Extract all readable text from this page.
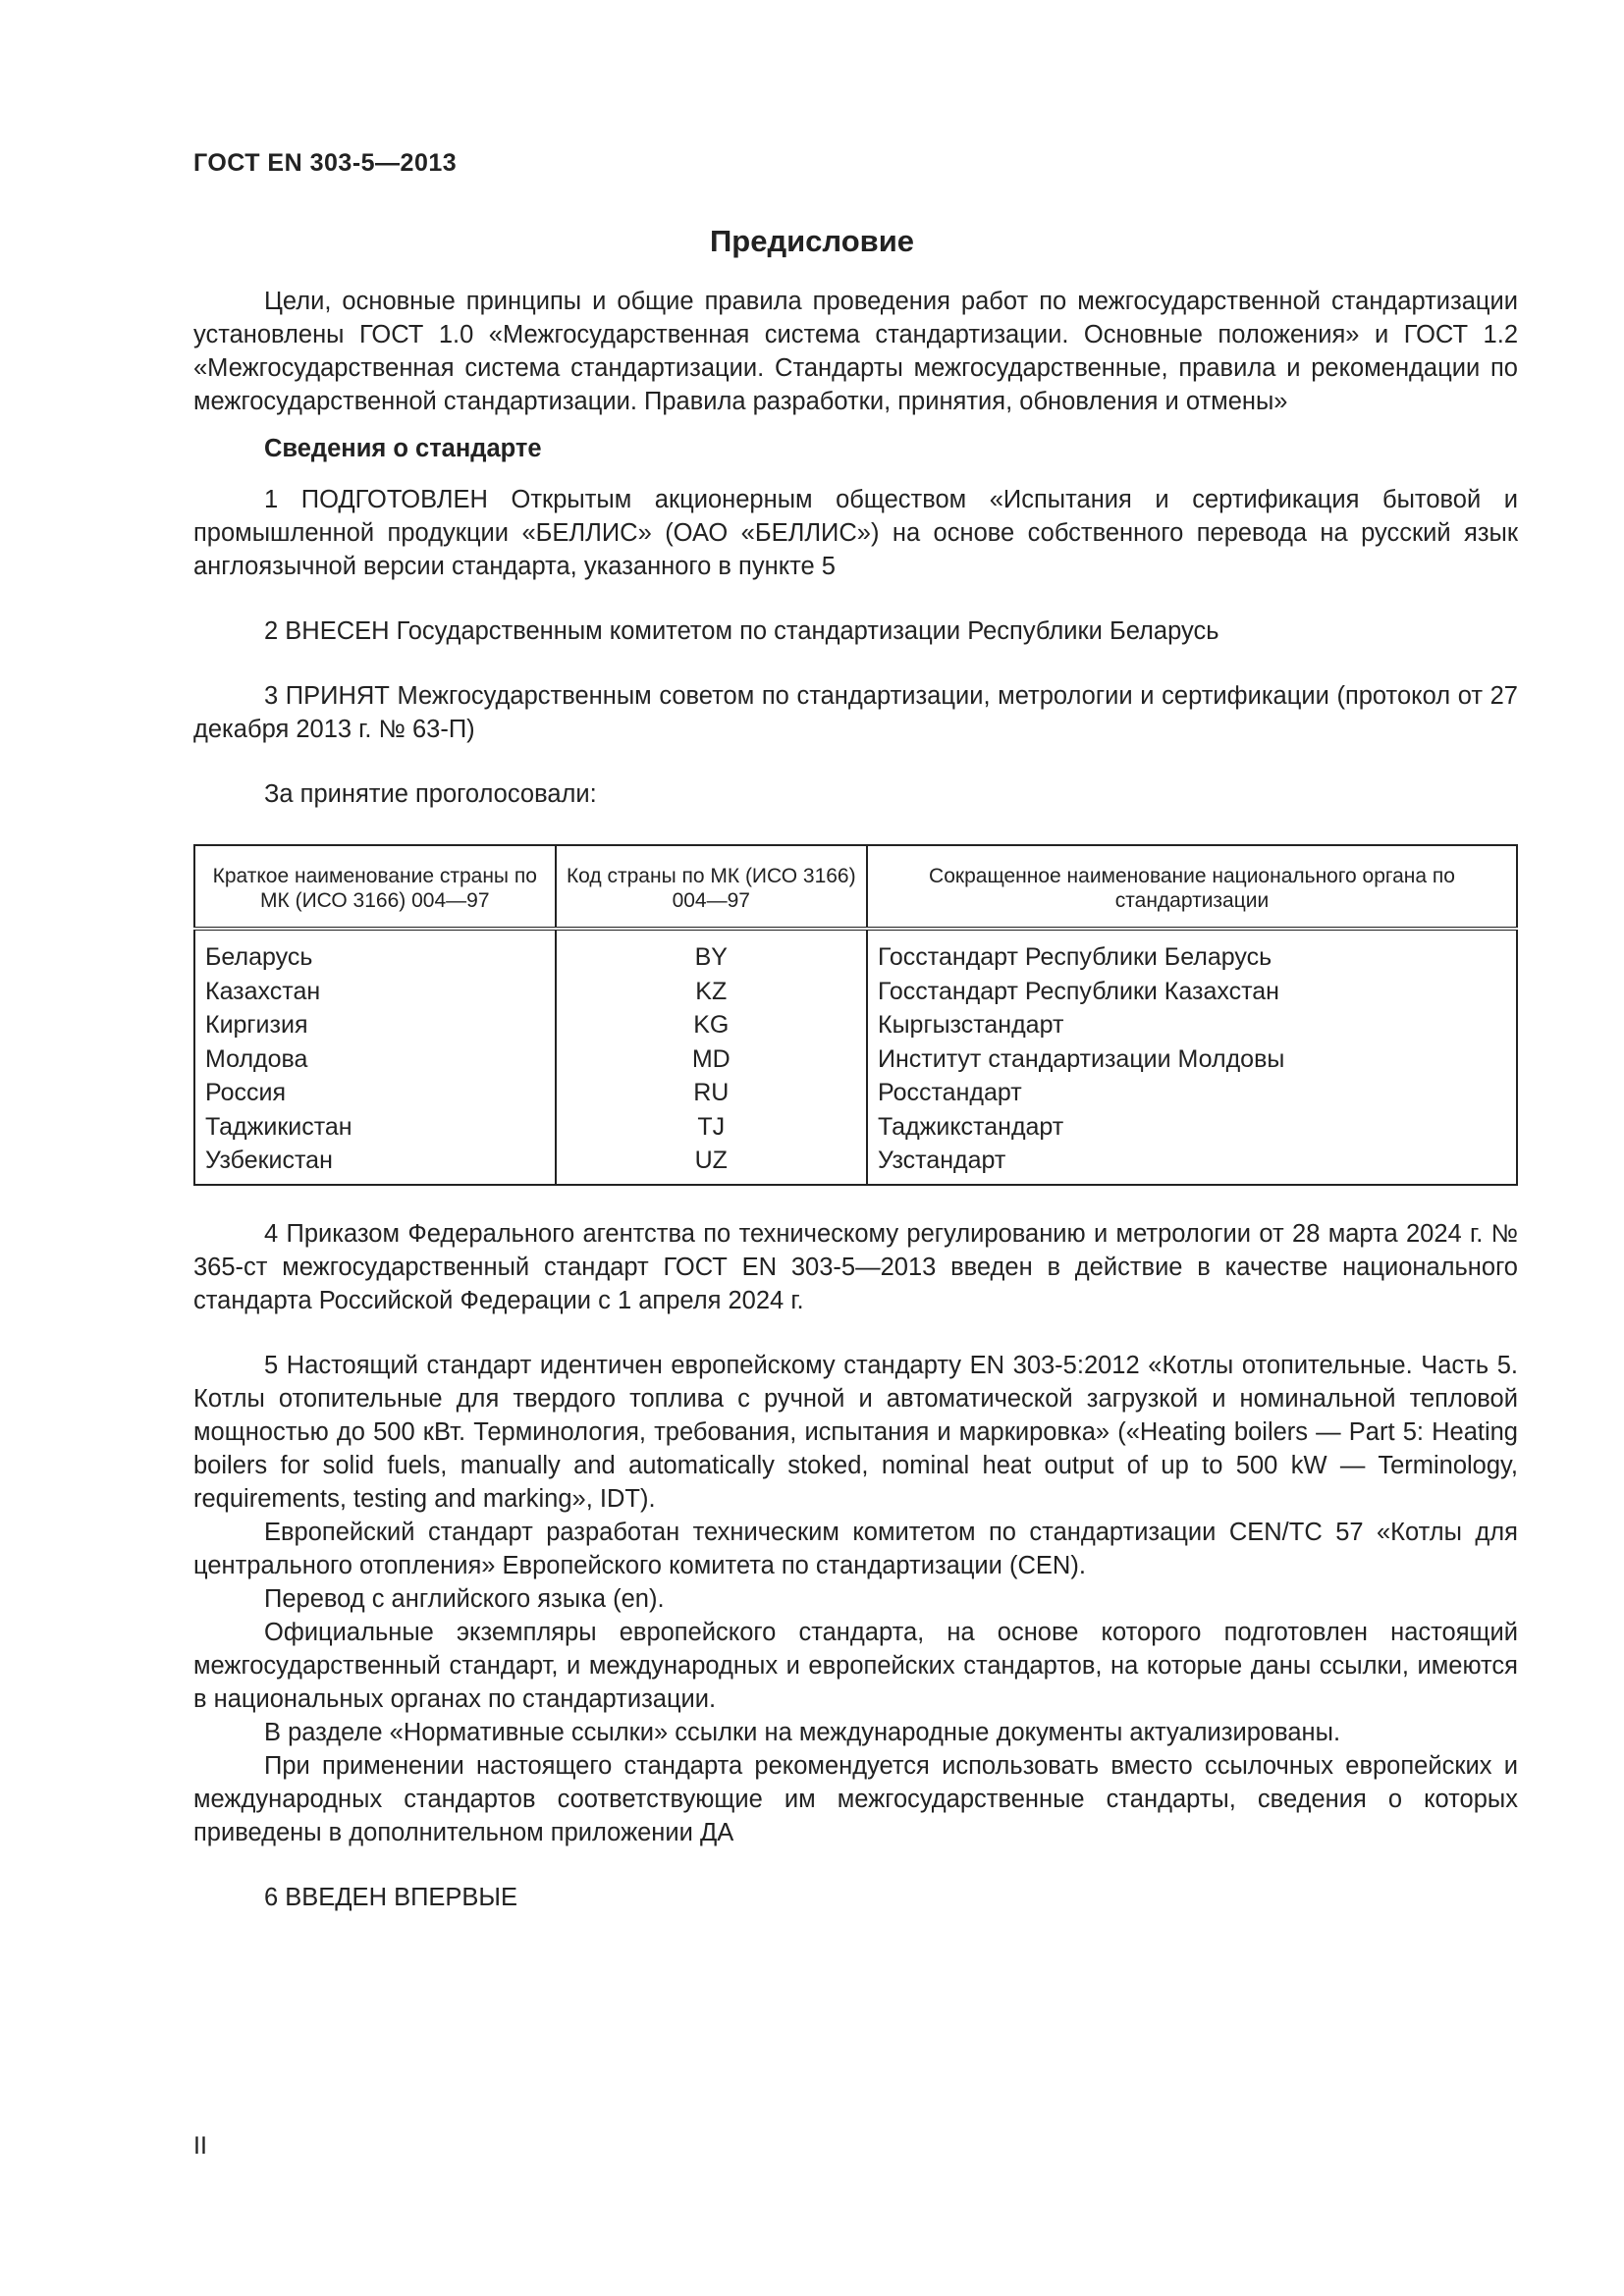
ГОСТ EN 303-5—2013
Предисловие

Цели, основные принципы и общие правила проведения работ по межгосударственной стандартизации установлены ГОСТ 1.0 «Межгосударственная система стандартизации. Основные положения» и ГОСТ 1.2 «Межгосударственная система стандартизации. Стандарты межгосударственные, правила и рекомендации по межгосударственной стандартизации. Правила разработки, принятия, обновления и отмены»

Сведения о стандарте

1 ПОДГОТОВЛЕН Открытым акционерным обществом «Испытания и сертификация бытовой и промышленной продукции «БЕЛЛИС» (ОАО «БЕЛЛИС») на основе собственного перевода на русский язык англоязычной версии стандарта, указанного в пункте 5

2 ВНЕСЕН Государственным комитетом по стандартизации Республики Беларусь

3 ПРИНЯТ Межгосударственным советом по стандартизации, метрологии и сертификации (протокол от 27 декабря 2013 г. № 63-П)

За принятие проголосовали:

Краткое наименование страны по МК (ИСО 3166) 004—97	Код страны по МК (ИСО 3166) 004—97	Сокращенное наименование национального органа по стандартизации
Беларусь	BY	Госстандарт Республики Беларусь
Казахстан	KZ	Госстандарт Республики Казахстан
Киргизия	KG	Кыргызстандарт
Молдова	MD	Институт стандартизации Молдовы
Россия	RU	Росстандарт
Таджикистан	TJ	Таджикстандарт
Узбекистан	UZ	Узстандарт

4 Приказом Федерального агентства по техническому регулированию и метрологии от 28 марта 2024 г. № 365-ст межгосударственный стандарт ГОСТ EN 303-5—2013 введен в действие в качестве национального стандарта Российской Федерации с 1 апреля 2024 г.

5 Настоящий стандарт идентичен европейскому стандарту EN 303-5:2012 «Котлы отопительные. Часть 5. Котлы отопительные для твердого топлива с ручной и автоматической загрузкой и номинальной тепловой мощностью до 500 кВт. Терминология, требования, испытания и маркировка» («Heating boilers — Part 5: Heating boilers for solid fuels, manually and automatically stoked, nominal heat output of up to 500 kW — Terminology, requirements, testing and marking», IDT).

Европейский стандарт разработан техническим комитетом по стандартизации CEN/TC 57 «Котлы для центрального отопления» Европейского комитета по стандартизации (CEN).

Перевод с английского языка (en).

Официальные экземпляры европейского стандарта, на основе которого подготовлен настоящий межгосударственный стандарт, и международных и европейских стандартов, на которые даны ссылки, имеются в национальных органах по стандартизации.

В разделе «Нормативные ссылки» ссылки на международные документы актуализированы.

При применении настоящего стандарта рекомендуется использовать вместо ссылочных европейских и международных стандартов соответствующие им межгосударственные стандарты, сведения о которых приведены в дополнительном приложении ДА

6 ВВЕДЕН ВПЕРВЫЕ

II
